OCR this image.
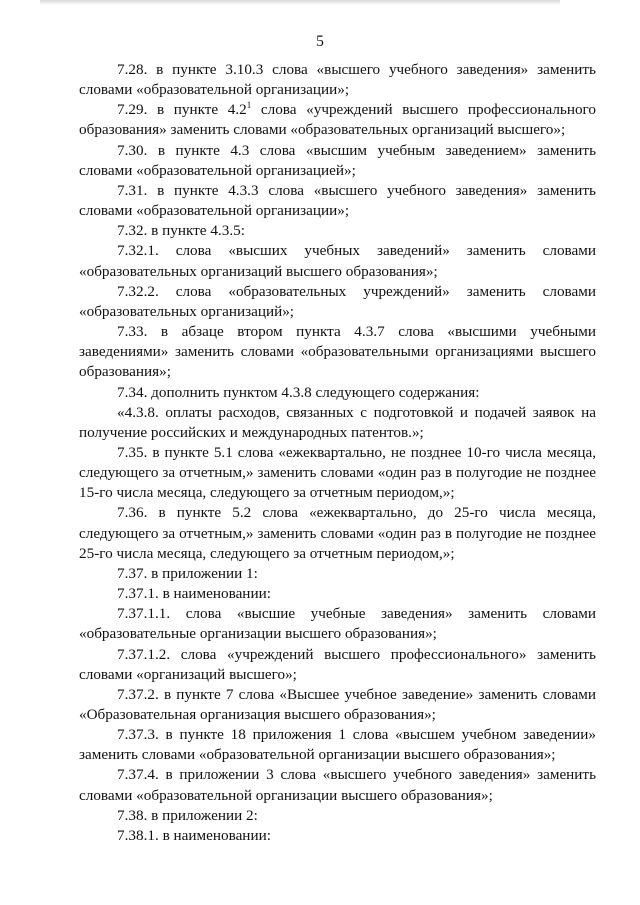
5

7.28. в пункте 3.10.3 слова «высшего учебного заведения» заменить словами «образовательной организации»;

7.29. в пункте $4.2^1$ слова «учреждений высшего профессионального образования» заменить словами «образовательных организаций высшего»;

7.30. в пункте 4.3 слова «высшим учебным заведением» заменить словами «образовательной организацией»;

7.31. в пункте 4.3.3 слова «высшего учебного заведения» заменить словами «образовательной организации»;

7.32. в пункте 4.3.5:

7.32.1. слова «высших учебных заведений» заменить словами «образовательных организаций высшего образования»;

7.32.2. слова «образовательных учреждений» заменить словами «образовательных организаций»;

7.33. в абзаце втором пункта 4.3.7 слова «высшими учебными заведениями» заменить словами «образовательными организациями высшего образования»;

7.34. дополнить пунктом 4.3.8 следующего содержания:

«4.3.8. оплаты расходов, связанных с подготовкой и подачей заявок на получение российских и международных патентов.»;

7.35. в пункте 5.1 слова «ежеквартально, не позднее 10-го числа месяца, следующего за отчетным,» заменить словами «один раз в полугодие не позднее 15-го числа месяца, следующего за отчетным периодом,»;

7.36. в пункте 5.2 слова «ежеквартально, до 25-го числа месяца, следующего за отчетным,» заменить словами «один раз в полугодие не позднее 25-го числа месяца, следующего за отчетным периодом,»;

7.37. в приложении 1:

7.37.1. в наименовании:

7.37.1.1. слова «высшие учебные заведения» заменить словами «образовательные организации высшего образования»;

7.37.1.2. слова «учреждений высшего профессионального» заменить словами «организаций высшего»;

7.37.2. в пункте 7 слова «Высшее учебное заведение» заменить словами «Образовательная организация высшего образования»;

7.37.3. в пункте 18 приложения 1 слова «высшем учебном заведении» заменить словами «образовательной организации высшего образования»;

7.37.4. в приложении 3 слова «высшего учебного заведения» заменить словами «образовательной организации высшего образования»;

7.38. в приложении 2:

7.38.1. в наименовании:
